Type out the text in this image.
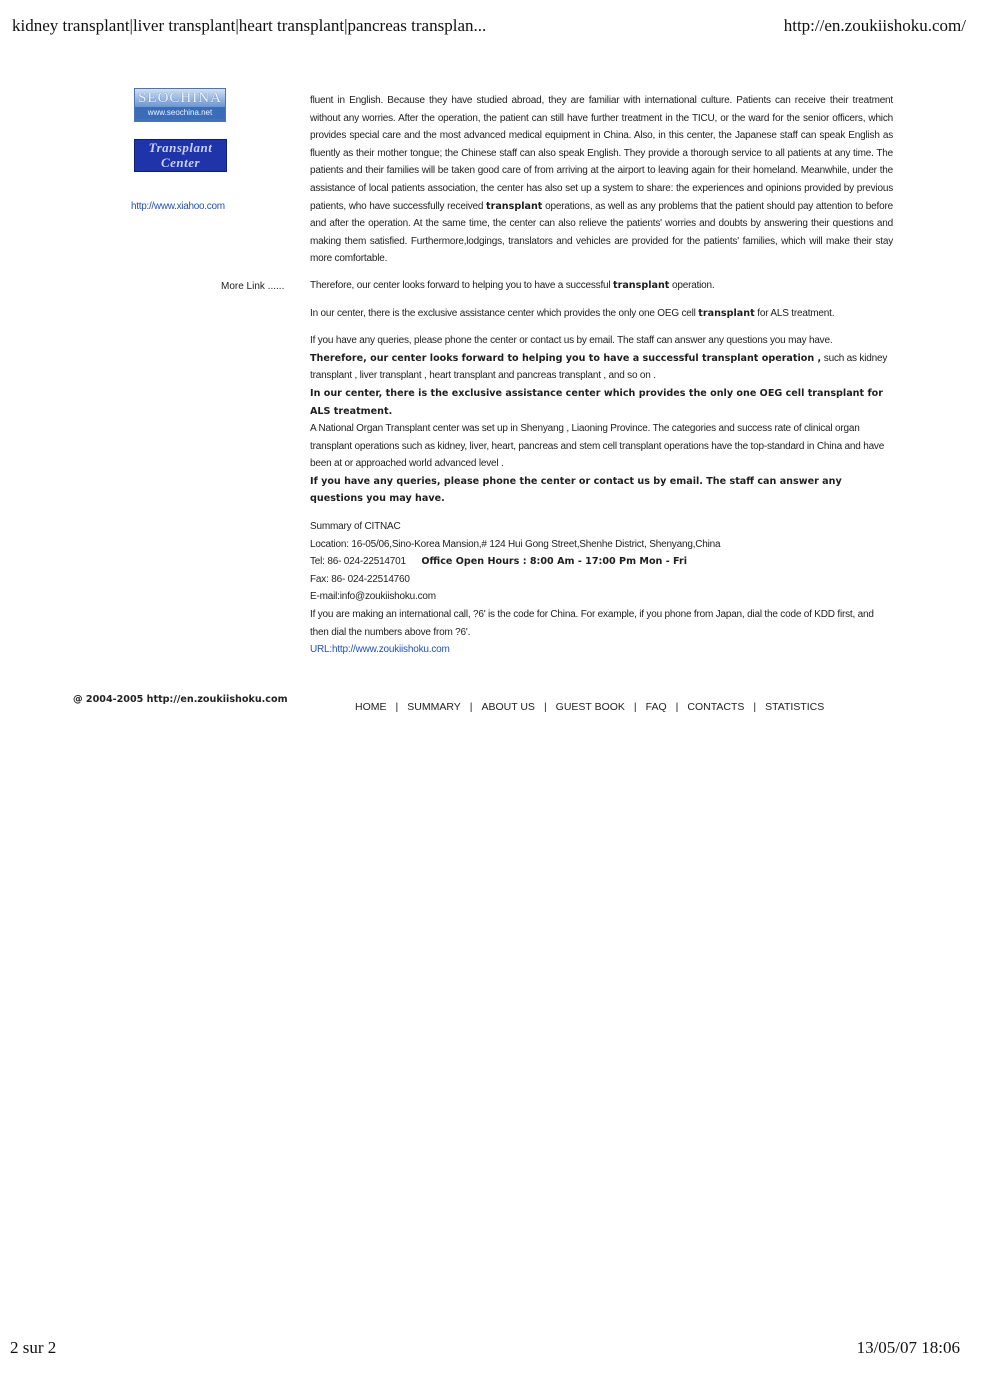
kidney transplant|liver transplant|heart transplant|pancreas transplan...	http://en.zoukiishoku.com/
SEOCHINA
www.seochina.net
Transplant
Center
http://www.xiahoo.com
More Link ......

fluent in English. Because they have studied abroad, they are familiar with international culture. Patients can receive their treatment without any worries. After the operation, the patient can still have further treatment in the TICU, or the ward for the senior officers, which provides special care and the most advanced medical equipment in China. Also, in this center, the Japanese staff can speak English as fluently as their mother tongue; the Chinese staff can also speak English. They provide a thorough service to all patients at any time. The patients and their families will be taken good care of from arriving at the airport to leaving again for their homeland. Meanwhile, under the assistance of local patients association, the center has also set up a system to share: the experiences and opinions provided by previous patients, who have successfully received transplant operations, as well as any problems that the patient should pay attention to before and after the operation. At the same time, the center can also relieve the patients' worries and doubts by answering their questions and making them satisfied. Furthermore,lodgings, translators and vehicles are provided for the patients' families, which will make their stay more comfortable.

Therefore, our center looks forward to helping you to have a successful transplant operation.

In our center, there is the exclusive assistance center which provides the only one OEG cell transplant for ALS treatment.

If you have any queries, please phone the center or contact us by email. The staff can answer any questions you may have.

Therefore, our center looks forward to helping you to have a successful transplant operation , such as kidney transplant , liver transplant , heart transplant and pancreas transplant , and so on .

In our center, there is the exclusive assistance center which provides the only one OEG cell transplant for ALS treatment.

A National Organ Transplant center was set up in Shenyang , Liaoning Province. The categories and success rate of clinical organ transplant operations such as kidney, liver, heart, pancreas and stem cell transplant operations have the top-standard in China and have been at or approached world advanced level .

If you have any queries, please phone the center or contact us by email. The staff can answer any questions you may have.

Summary of CITNAC

Location: 16-05/06,Sino-Korea Mansion,# 124 Hui Gong Street,Shenhe District, Shenyang,China

Tel: 86- 024-22514701 Office Open Hours : 8:00 Am - 17:00 Pm Mon - Fri

Fax: 86- 024-22514760

E-mail:info@zoukiishoku.com

If you are making an international call, ?6' is the code for China. For example, if you phone from Japan, dial the code of KDD first, and then dial the numbers above from ?6'.

URL:http://www.zoukiishoku.com

@ 2004-2005 http://en.zoukiishoku.com
HOME | SUMMARY | ABOUT US | GUEST BOOK | FAQ | CONTACTS | STATISTICS
2 sur 2	13/05/07 18:06
